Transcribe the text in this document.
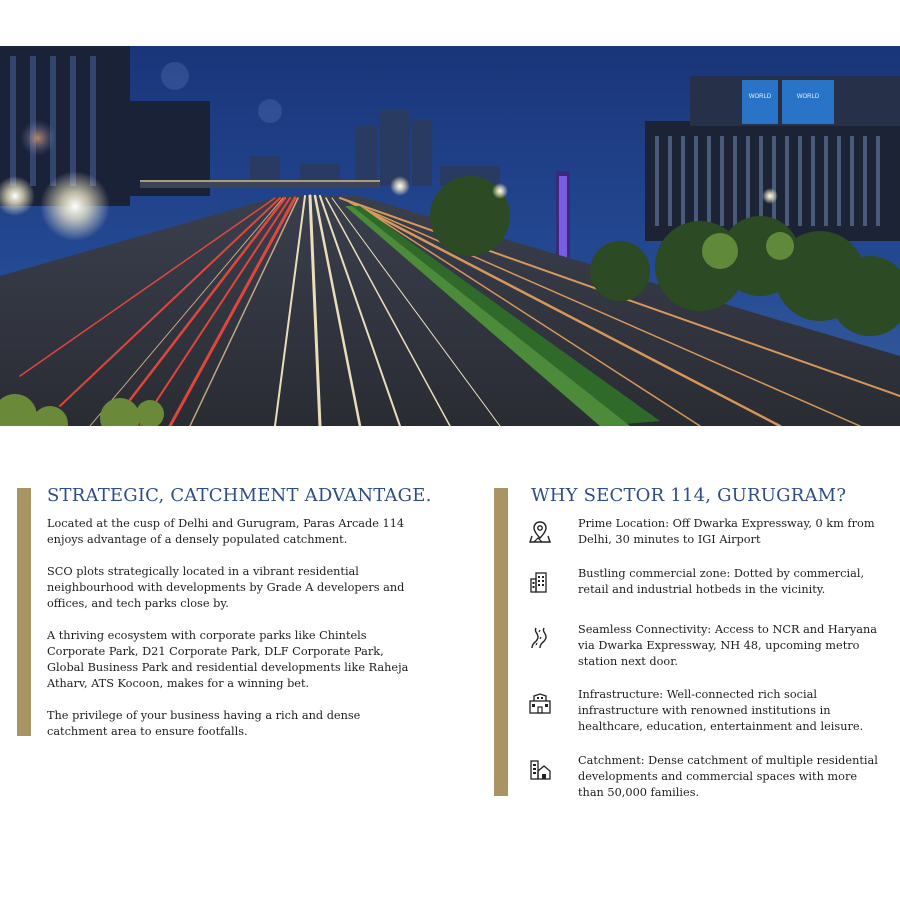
WORLD	WORLD
STRATEGIC, CATCHMENT ADVANTAGE.

Located at the cusp of Delhi and Gurugram, Paras Arcade 114 enjoys advantage of a densely populated catchment.

SCO plots strategically located in a vibrant residential neighbourhood with developments by Grade A developers and offices, and tech parks close by.

A thriving ecosystem with corporate parks like Chintels Corporate Park, D21 Corporate Park, DLF Corporate Park, Global Business Park and residential developments like Raheja Atharv, ATS Kocoon, makes for a winning bet.

The privilege of your business having a rich and dense catchment area to ensure footfalls.

WHY SECTOR 114, GURUGRAM?

Prime Location: Off Dwarka Expressway, 0 km from Delhi, 30 minutes to IGI Airport

Bustling commercial zone: Dotted by commercial, retail and industrial hotbeds in the vicinity.

Seamless Connectivity: Access to NCR and Haryana via Dwarka Expressway, NH 48, upcoming metro station next door.

Infrastructure: Well-connected rich social infrastructure with renowned institutions in healthcare, education, entertainment and leisure.

Catchment: Dense catchment of multiple residential developments and commercial spaces with more than 50,000 families.
